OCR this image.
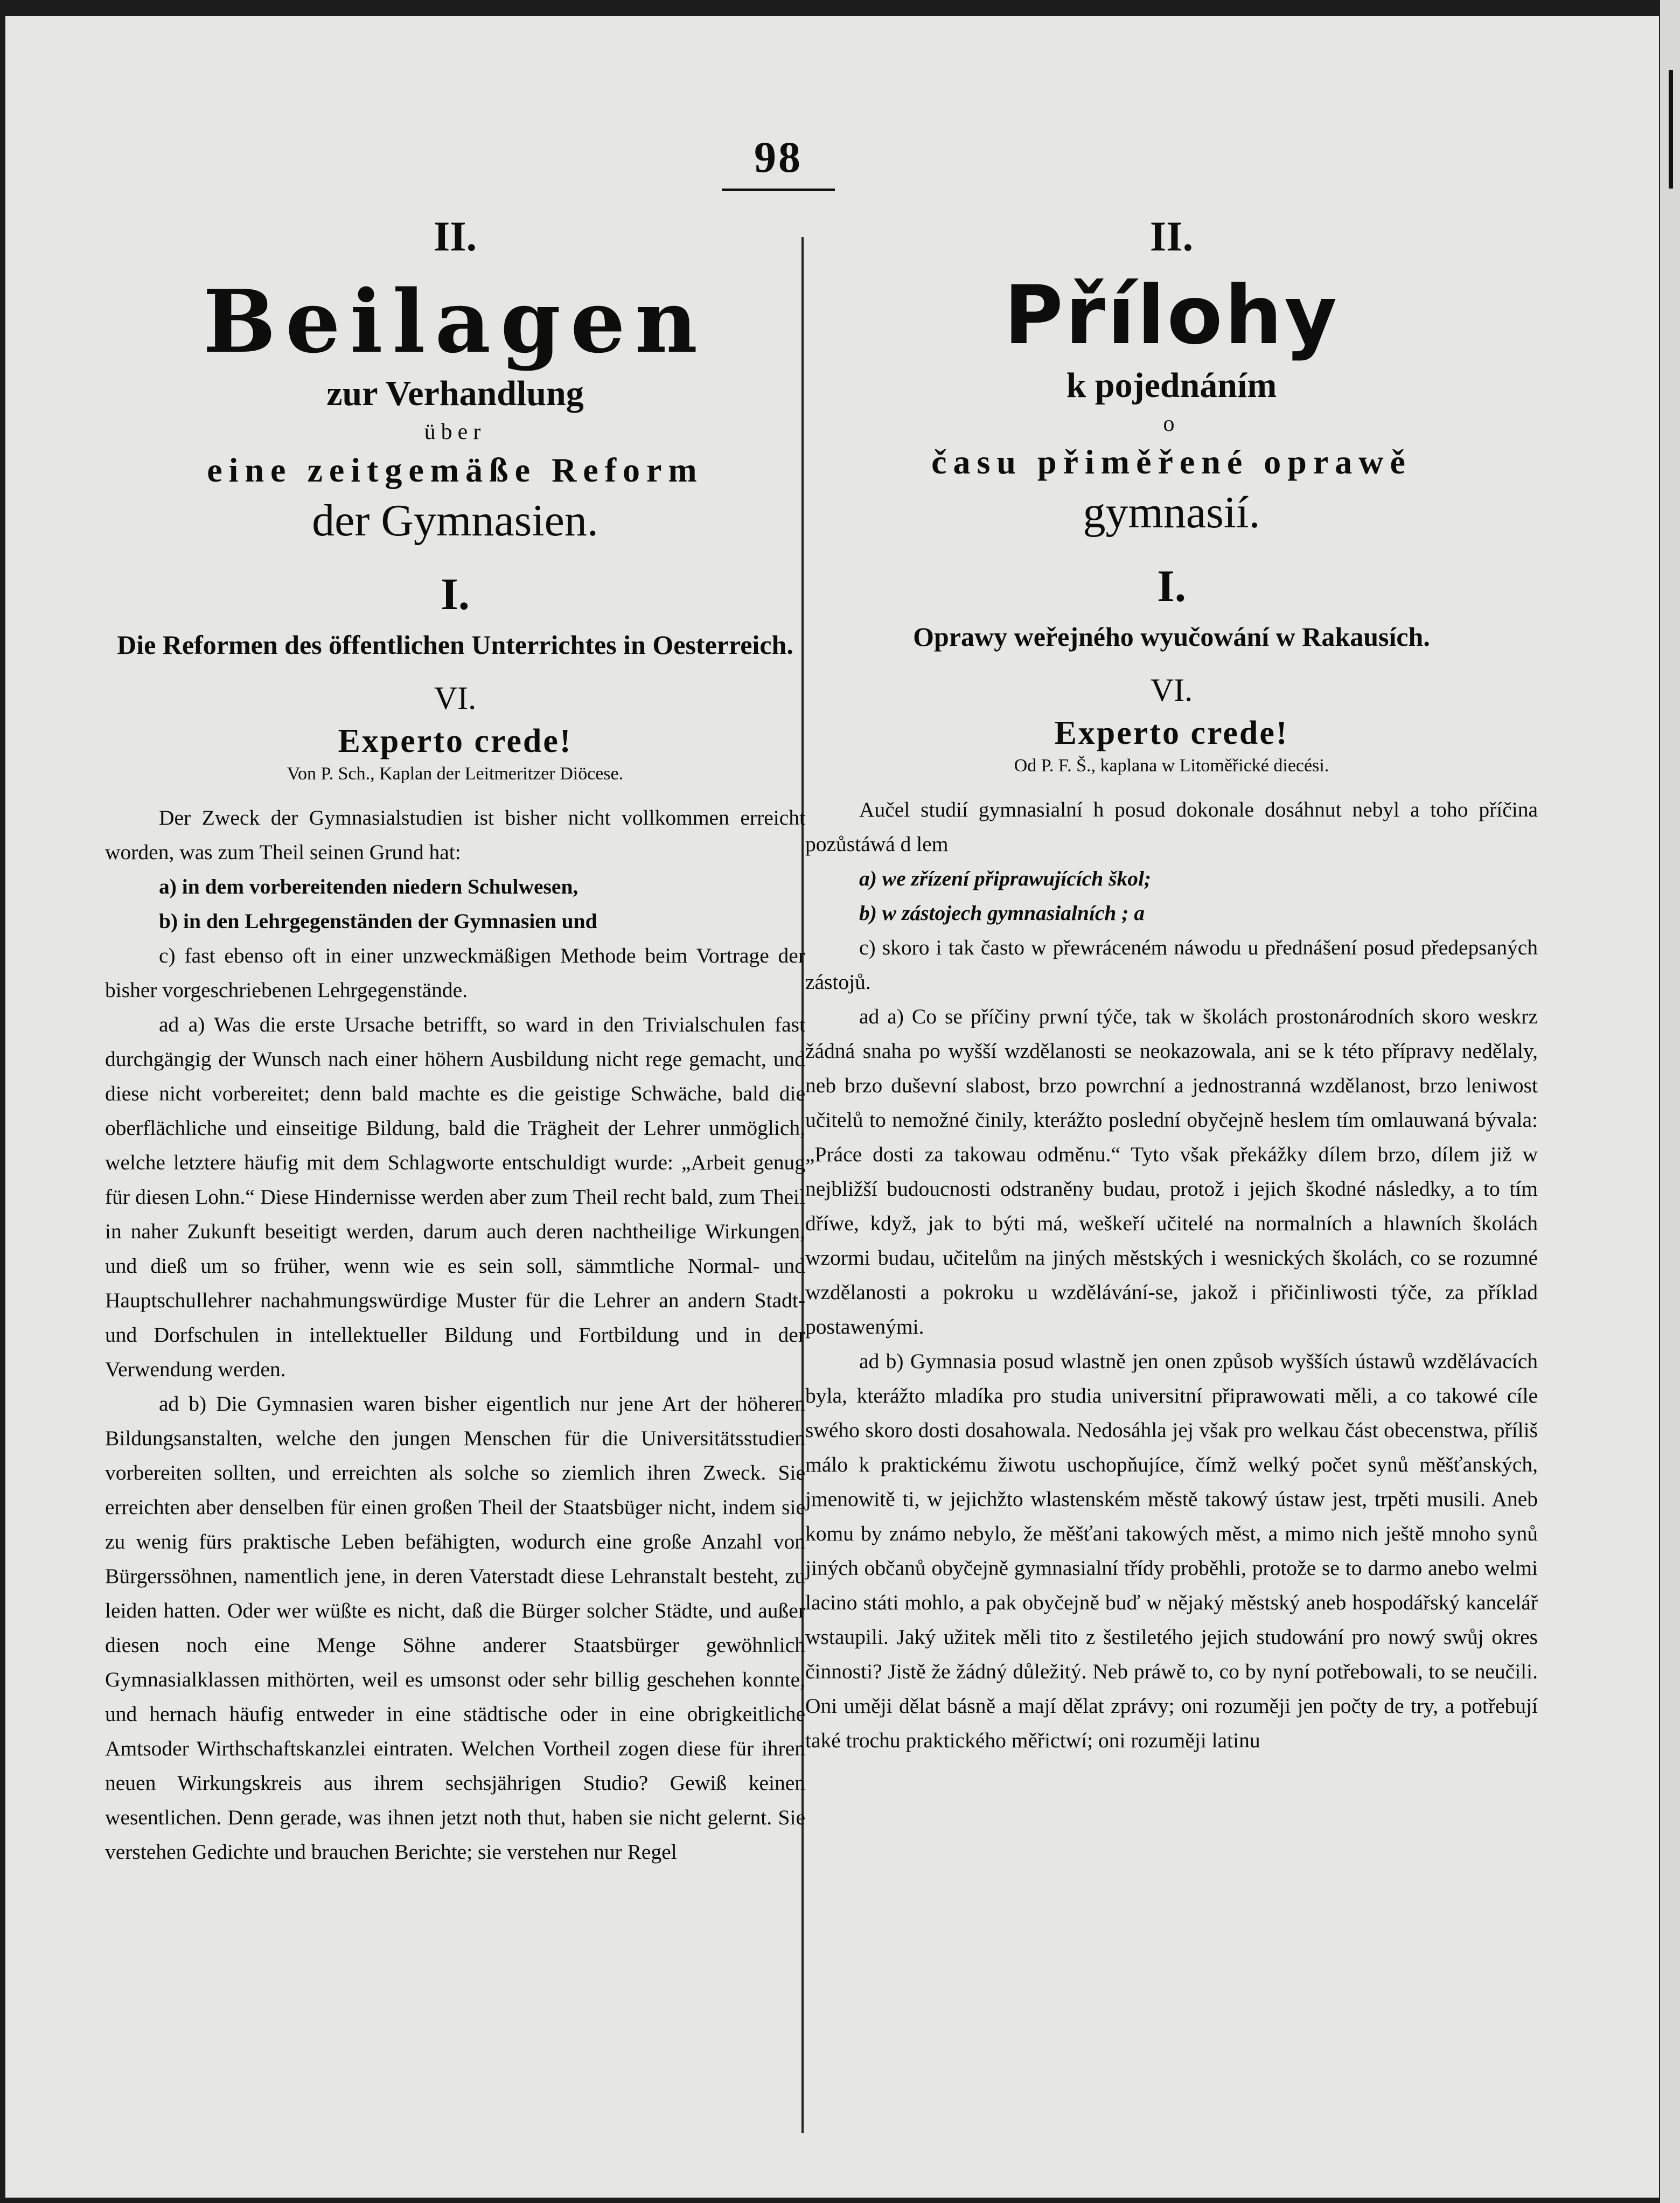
98
II.
Beilagen
zur Verhandlung
über
eine zeitgemäße Reform
der Gymnasien.
I.
Die Reformen des öffentlichen Unterrichtes in Oesterreich.
VI.
Experto crede!
Von P. Sch., Kaplan der Leitmeritzer Diöcese.

Der Zweck der Gymnasialstudien ist bisher nicht vollkommen erreicht worden, was zum Theil seinen Grund hat:

a) in dem vorbereitenden niedern Schulwesen,

b) in den Lehrgegenständen der Gymnasien und

c) fast ebenso oft in einer unzweckmäßigen Methode beim Vortrage der bisher vorgeschriebenen Lehrgegenstände.

ad a) Was die erste Ursache betrifft, so ward in den Trivialschulen fast durchgängig der Wunsch nach einer höhern Ausbildung nicht rege gemacht, und diese nicht vorbereitet; denn bald machte es die geistige Schwäche, bald die oberflächliche und einseitige Bildung, bald die Trägheit der Lehrer unmöglich, welche letztere häufig mit dem Schlagworte entschuldigt wurde: „Arbeit genug für diesen Lohn.“ Diese Hindernisse werden aber zum Theil recht bald, zum Theil in naher Zukunft beseitigt werden, darum auch deren nachtheilige Wirkungen, und dieß um so früher, wenn wie es sein soll, sämmtliche Normal- und Hauptschullehrer nachahmungswürdige Muster für die Lehrer an andern Stadt- und Dorfschulen in intellektueller Bildung und Fortbildung und in der Verwendung werden.

ad b) Die Gymnasien waren bisher eigentlich nur jene Art der höheren Bildungsanstalten, welche den jungen Menschen für die Universitätsstudien vorbereiten sollten, und erreichten als solche so ziemlich ihren Zweck. Sie erreichten aber denselben für einen großen Theil der Staatsbüger nicht, indem sie zu wenig fürs praktische Leben befähigten, wodurch eine große Anzahl von Bürgerssöhnen, namentlich jene, in deren Vaterstadt diese Lehranstalt besteht, zu leiden hatten. Oder wer wüßte es nicht, daß die Bürger solcher Städte, und außer diesen noch eine Menge Söhne anderer Staatsbürger gewöhnlich Gymnasialklassen mithörten, weil es umsonst oder sehr billig geschehen konnte, und hernach häufig entweder in eine städtische oder in eine obrigkeitliche Amtsoder Wirthschaftskanzlei eintraten. Welchen Vortheil zogen diese für ihren neuen Wirkungskreis aus ihrem sechsjährigen Studio? Gewiß keinen wesentlichen. Denn gerade, was ihnen jetzt noth thut, haben sie nicht gelernt. Sie verstehen Gedichte und brauchen Berichte; sie verstehen nur Regel

II.
Přílohy
k pojednáním
o
času přiměřené oprawě
gymnasií.
I.
Oprawy weřejného wyučowání w Rakausích.
VI.
Experto crede!
Od P. F. Š., kaplana w Litoměřické diecési.

Aučel studií gymnasialní h posud dokonale dosáhnut nebyl a toho příčina pozůstáwá d lem

a) we zřízení připrawujících škol;

b) w zástojech gymnasialních ; a

c) skoro i tak často w přewráceném náwodu u přednášení posud předepsaných zástojů.

ad a) Co se příčiny prwní týče, tak w školách prostonárodních skoro weskrz žádná snaha po wyšší wzdělanosti se neokazowala, ani se k této přípravy nedělaly, neb brzo duševní slabost, brzo powrchní a jednostranná wzdělanost, brzo leniwost učitelů to nemožné činily, kterážto poslední obyčejně heslem tím omlauwaná bývala: „Práce dosti za takowau odměnu.“ Tyto však překážky dílem brzo, dílem již w nejbližší budoucnosti odstraněny budau, protož i jejich škodné následky, a to tím dříwe, když, jak to býti má, weškeří učitelé na normalních a hlawních školách wzormi budau, učitelům na jiných městských i wesnických školách, co se rozumné wzdělanosti a pokroku u wzdělávání-se, jakož i přičinliwosti týče, za příklad postawenými.

ad b) Gymnasia posud wlastně jen onen způsob wyšších ústawů wzdělávacích byla, kterážto mladíka pro studia universitní připrawowati měli, a co takowé cíle swého skoro dosti dosahowala. Nedosáhla jej však pro welkau část obecenstwa, příliš málo k praktickému žiwotu uschopňujíce, čímž welký počet synů měšťanských, jmenowitě ti, w jejichžto wlastenském městě takowý ústaw jest, trpěti musili. Aneb komu by známo nebylo, že měšťani takowých měst, a mimo nich ještě mnoho synů jiných občanů obyčejně gymnasialní třídy proběhli, protože se to darmo anebo welmi lacino státi mohlo, a pak obyčejně buď w nějaký městský aneb hospodářský kancelář wstaupili. Jaký užitek měli tito z šestiletého jejich studowání pro nowý swůj okres činnosti? Jistě že žádný důležitý. Neb práwě to, co by nyní potřebowali, to se neučili. Oni uměji dělat básně a mají dělat zprávy; oni rozuměji jen počty de try, a potřebují také trochu praktického měřictwí; oni rozuměji latinu
